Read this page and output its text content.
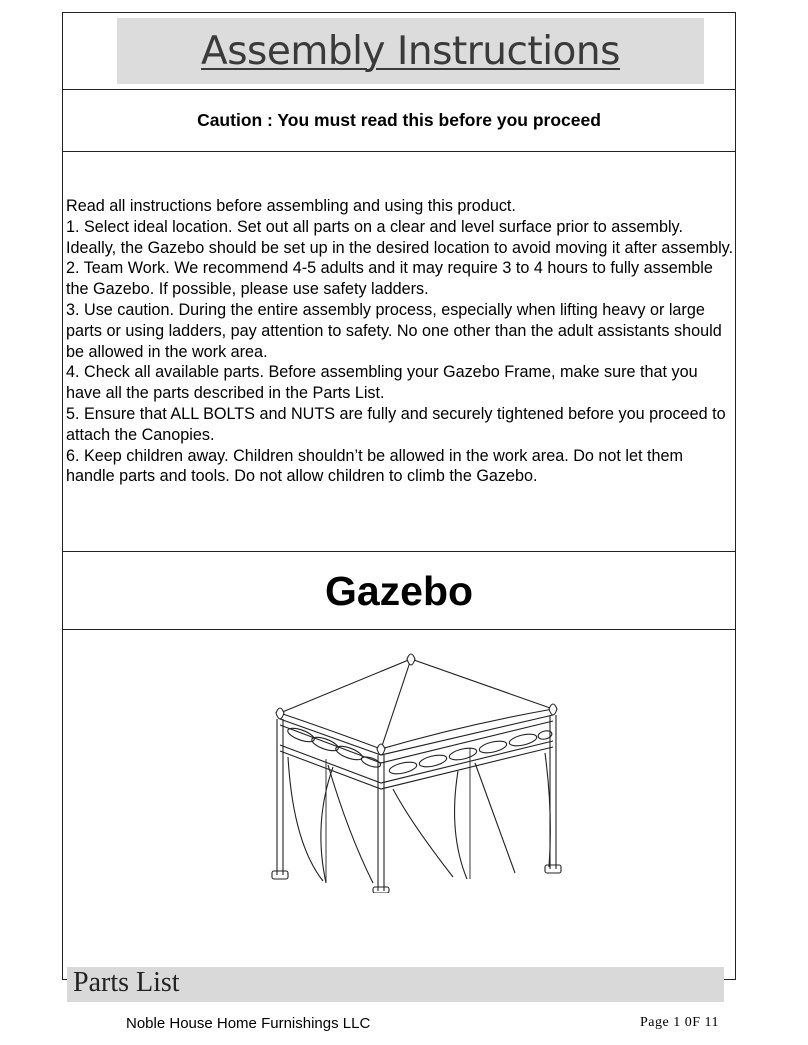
Assembly Instructions
Caution : You must read this before you proceed

Read all instructions before assembling and using this product.

1. Select ideal location. Set out all parts on a clear and level surface prior to assembly. Ideally, the Gazebo should be set up in the desired location to avoid moving it after assembly.

2. Team Work. We recommend 4-5 adults and it may require 3 to 4 hours to fully assemble the Gazebo. If possible, please use safety ladders.

3. Use caution. During the entire assembly process, especially when lifting heavy or large parts or using ladders, pay attention to safety. No one other than the adult assistants should be allowed in the work area.

4. Check all available parts. Before assembling your Gazebo Frame, make sure that you have all the parts described in the Parts List.

5. Ensure that ALL BOLTS and NUTS are fully and securely tightened before you proceed to attach the Canopies.

6. Keep children away. Children shouldn’t be allowed in the work area. Do not let them handle parts and tools. Do not allow children to climb the Gazebo.

Gazebo
Parts List
Noble House Home Furnishings LLC	Page 1 0F 11
